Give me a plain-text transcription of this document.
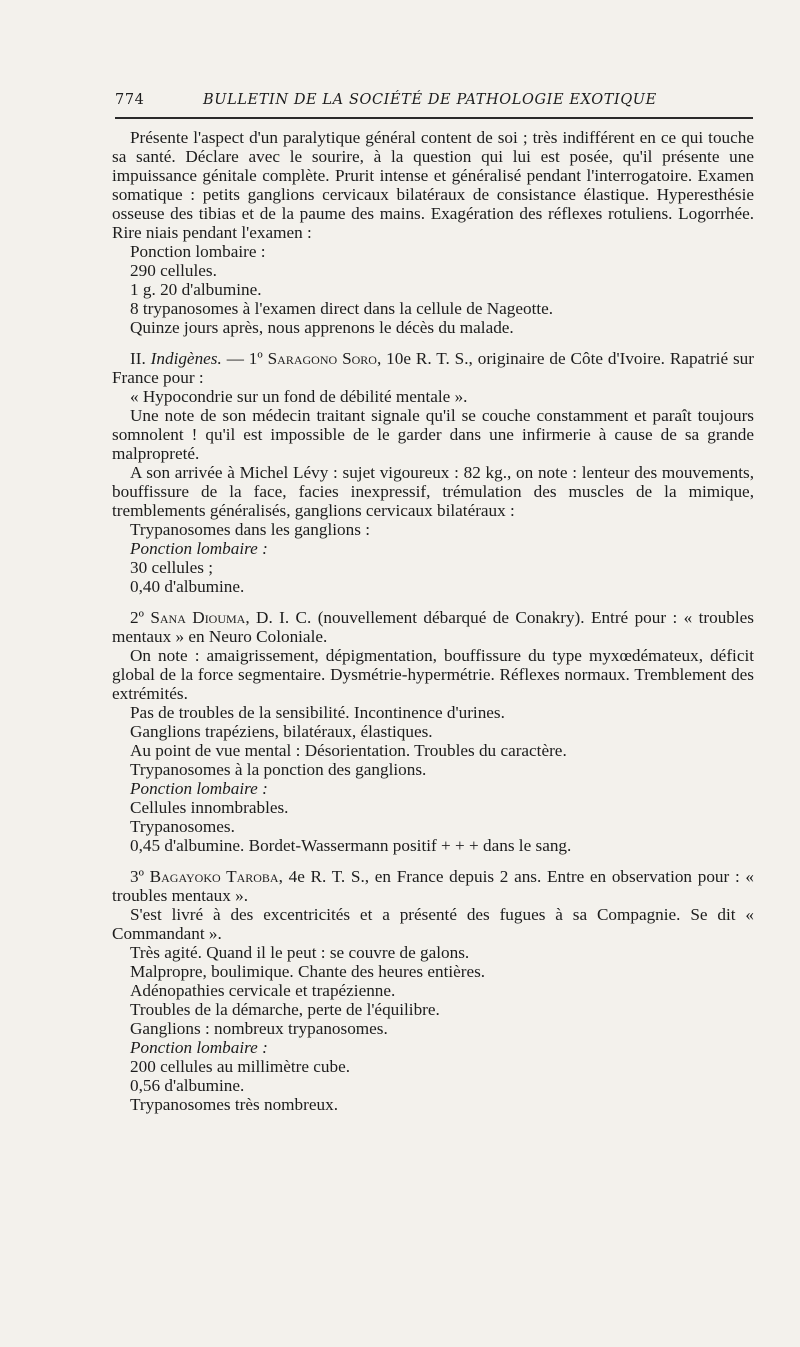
774	BULLETIN DE LA SOCIÉTÉ DE PATHOLOGIE EXOTIQUE

Présente l'aspect d'un paralytique général content de soi ; très indifférent en ce qui touche sa santé. Déclare avec le sourire, à la question qui lui est posée, qu'il présente une impuissance génitale complète. Prurit intense et généralisé pendant l'interrogatoire. Examen somatique : petits ganglions cervicaux bilatéraux de consistance élastique. Hyperesthésie osseuse des tibias et de la paume des mains. Exagération des réflexes rotuliens. Logorrhée. Rire niais pendant l'examen :

Ponction lombaire :

290 cellules.

1 g. 20 d'albumine.

8 trypanosomes à l'examen direct dans la cellule de Nageotte.

Quinze jours après, nous apprenons le décès du malade.

II. Indigènes. — 1º Saragono Soro, 10e R. T. S., originaire de Côte d'Ivoire. Rapatrié sur France pour :

« Hypocondrie sur un fond de débilité mentale ».

Une note de son médecin traitant signale qu'il se couche constamment et paraît toujours somnolent ! qu'il est impossible de le garder dans une infirmerie à cause de sa grande malpropreté.

A son arrivée à Michel Lévy : sujet vigoureux : 82 kg., on note : lenteur des mouvements, bouffissure de la face, facies inexpressif, trémulation des muscles de la mimique, tremblements généralisés, ganglions cervicaux bilatéraux :

Trypanosomes dans les ganglions :

Ponction lombaire :

30 cellules ;

0,40 d'albumine.

2º Sana Diouma, D. I. C. (nouvellement débarqué de Conakry). Entré pour : « troubles mentaux » en Neuro Coloniale.

On note : amaigrissement, dépigmentation, bouffissure du type myxœdémateux, déficit global de la force segmentaire. Dysmétrie-hypermétrie. Réflexes normaux. Tremblement des extrémités.

Pas de troubles de la sensibilité. Incontinence d'urines.

Ganglions trapéziens, bilatéraux, élastiques.

Au point de vue mental : Désorientation. Troubles du caractère.

Trypanosomes à la ponction des ganglions.

Ponction lombaire :

Cellules innombrables.

Trypanosomes.

0,45 d'albumine. Bordet-Wassermann positif + + + dans le sang.

3º Bagayoko Taroba, 4e R. T. S., en France depuis 2 ans. Entre en observation pour : « troubles mentaux ».

S'est livré à des excentricités et a présenté des fugues à sa Compagnie. Se dit « Commandant ».

Très agité. Quand il le peut : se couvre de galons.

Malpropre, boulimique. Chante des heures entières.

Adénopathies cervicale et trapézienne.

Troubles de la démarche, perte de l'équilibre.

Ganglions : nombreux trypanosomes.

Ponction lombaire :

200 cellules au millimètre cube.

0,56 d'albumine.

Trypanosomes très nombreux.
